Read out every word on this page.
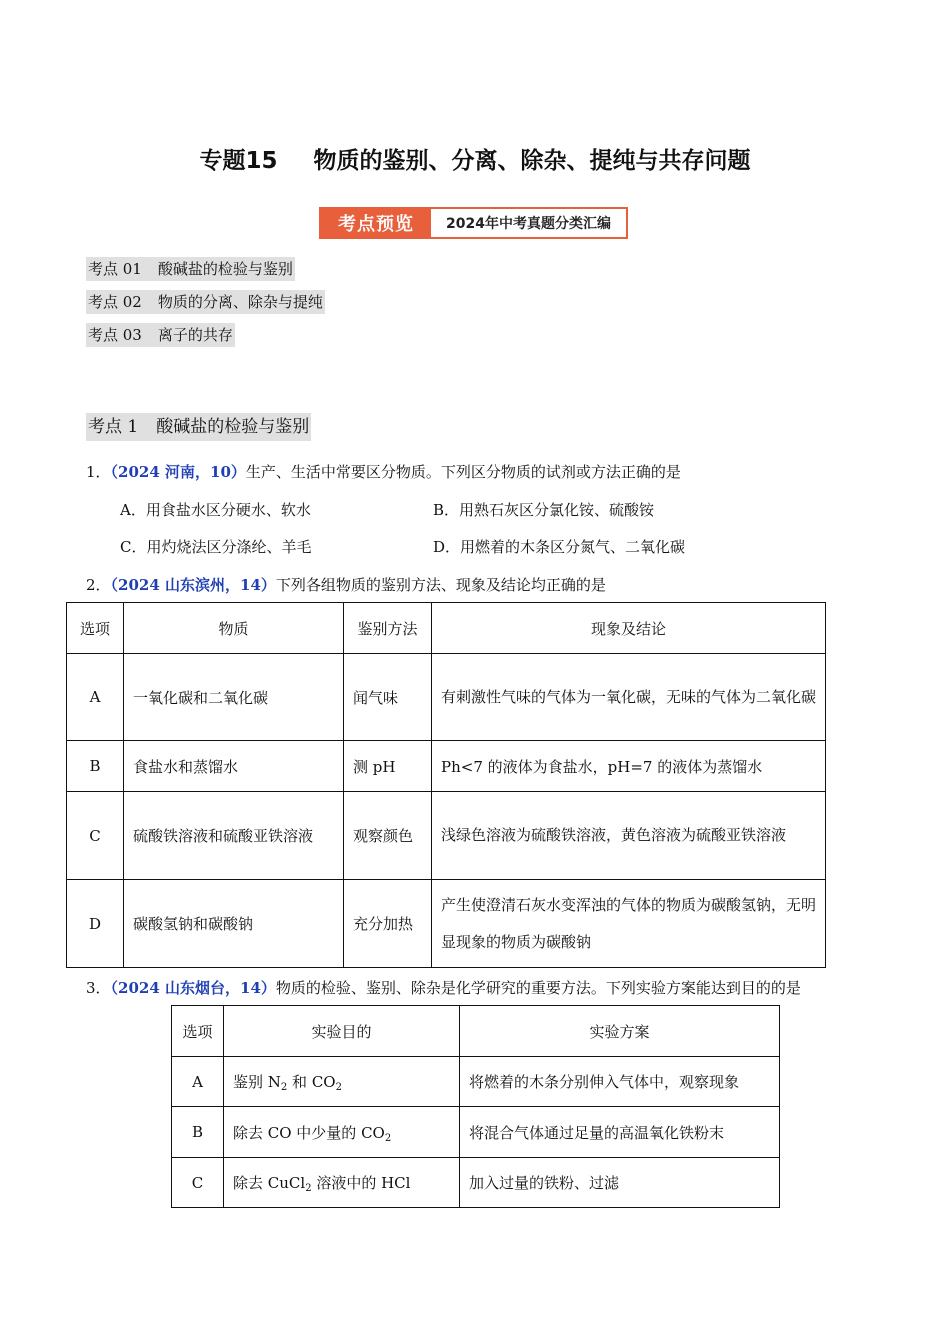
专题15 物质的鉴别、分离、除杂、提纯与共存问题
考点预览	2024年中考真题分类汇编
考点 01 酸碱盐的检验与鉴别
考点 02 物质的分离、除杂与提纯
考点 03 离子的共存
考点 1 酸碱盐的检验与鉴别
1．（2024 河南，10）生产、生活中常要区分物质。下列区分物质的试剂或方法正确的是
A．用食盐水区分硬水、软水	B．用熟石灰区分氯化铵、硫酸铵
C．用灼烧法区分涤纶、羊毛	D．用燃着的木条区分氮气、二氧化碳
2．（2024 山东滨州，14）下列各组物质的鉴别方法、现象及结论均正确的是
选项	物质	鉴别方法	现象及结论
A	一氧化碳和二氧化碳	闻气味	有刺激性气味的气体为一氧化碳，无味的气体为二氧化碳
B	食盐水和蒸馏水	测 pH	Ph<7 的液体为食盐水，pH=7 的液体为蒸馏水
C	硫酸铁溶液和硫酸亚铁溶液	观察颜色	浅绿色溶液为硫酸铁溶液，黄色溶液为硫酸亚铁溶液
D	碳酸氢钠和碳酸钠	充分加热	产生使澄清石灰水变浑浊的气体的物质为碳酸氢钠，无明显现象的物质为碳酸钠
3．（2024 山东烟台，14）物质的检验、鉴别、除杂是化学研究的重要方法。下列实验方案能达到目的的是
选项	实验目的	实验方案
A	鉴别 $N_2$ 和 $CO_2$	将燃着的木条分别伸入气体中，观察现象
B	除去 CO 中少量的 $CO_2$	将混合气体通过足量的高温氧化铁粉末
C	除去 CuCl$_2$ 溶液中的 HCl	加入过量的铁粉、过滤
